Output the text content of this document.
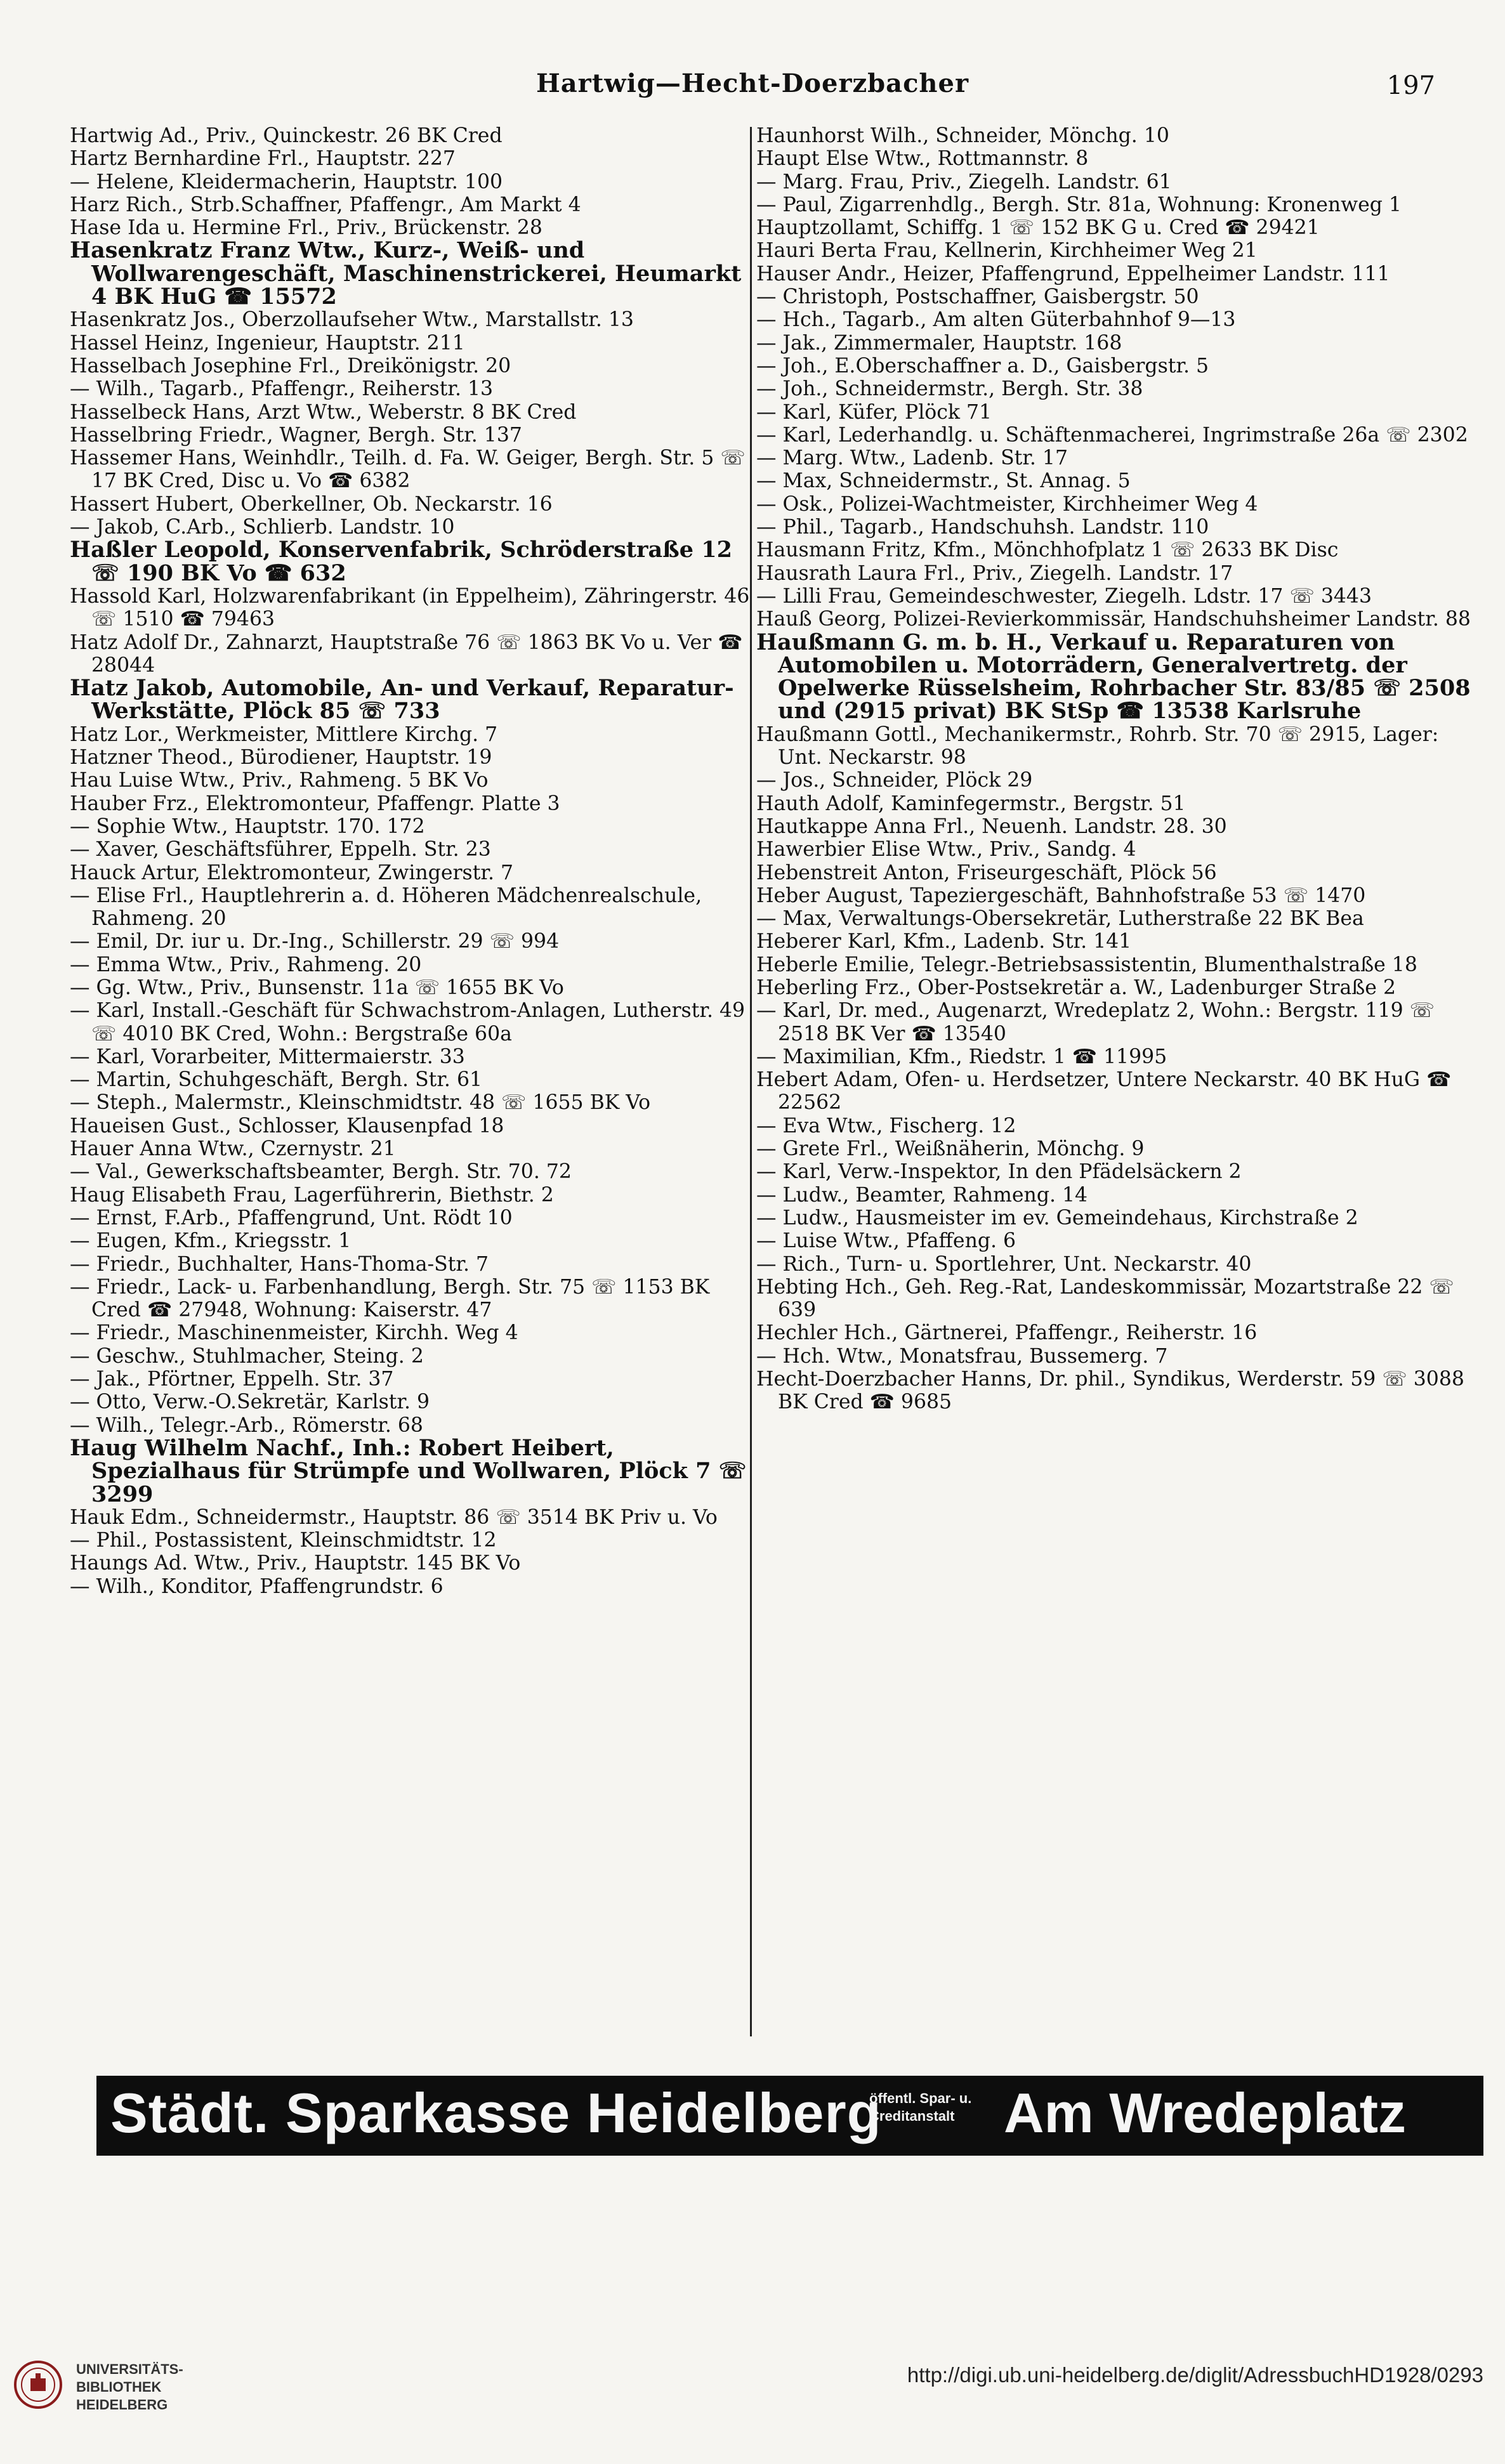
Hartwig—Hecht-Doerzbacher	197
Hartwig Ad., Priv., Quinckestr. 26 BK Cred
Hartz Bernhardine Frl., Hauptstr. 227
— Helene, Kleidermacherin, Hauptstr. 100
Harz Rich., Strb.Schaffner, Pfaffengr., Am Markt 4
Hase Ida u. Hermine Frl., Priv., Brückenstr. 28
Hasenkratz Franz Wtw., Kurz-, Weiß- und Wollwarengeschäft, Maschinenstrickerei, Heumarkt 4 BK HuG ☎ 15572
Hasenkratz Jos., Oberzollaufseher Wtw., Marstallstr. 13
Hassel Heinz, Ingenieur, Hauptstr. 211
Hasselbach Josephine Frl., Dreikönigstr. 20
— Wilh., Tagarb., Pfaffengr., Reiherstr. 13
Hasselbeck Hans, Arzt Wtw., Weberstr. 8 BK Cred
Hasselbring Friedr., Wagner, Bergh. Str. 137
Hassemer Hans, Weinhdlr., Teilh. d. Fa. W. Geiger, Bergh. Str. 5 ☏ 17 BK Cred, Disc u. Vo ☎ 6382
Hassert Hubert, Oberkellner, Ob. Neckarstr. 16
— Jakob, C.Arb., Schlierb. Landstr. 10
Haßler Leopold, Konservenfabrik, Schröderstraße 12 ☏ 190 BK Vo ☎ 632
Hassold Karl, Holzwarenfabrikant (in Eppelheim), Zähringerstr. 46 ☏ 1510 ☎ 79463
Hatz Adolf Dr., Zahnarzt, Hauptstraße 76 ☏ 1863 BK Vo u. Ver ☎ 28044
Hatz Jakob, Automobile, An- und Verkauf, Reparatur-Werkstätte, Plöck 85 ☏ 733
Hatz Lor., Werkmeister, Mittlere Kirchg. 7
Hatzner Theod., Bürodiener, Hauptstr. 19
Hau Luise Wtw., Priv., Rahmeng. 5 BK Vo
Hauber Frz., Elektromonteur, Pfaffengr. Platte 3
— Sophie Wtw., Hauptstr. 170. 172
— Xaver, Geschäftsführer, Eppelh. Str. 23
Hauck Artur, Elektromonteur, Zwingerstr. 7
— Elise Frl., Hauptlehrerin a. d. Höheren Mädchenrealschule, Rahmeng. 20
— Emil, Dr. iur u. Dr.-Ing., Schillerstr. 29 ☏ 994
— Emma Wtw., Priv., Rahmeng. 20
— Gg. Wtw., Priv., Bunsenstr. 11a ☏ 1655 BK Vo
— Karl, Install.-Geschäft für Schwachstrom-Anlagen, Lutherstr. 49 ☏ 4010 BK Cred, Wohn.: Bergstraße 60a
— Karl, Vorarbeiter, Mittermaierstr. 33
— Martin, Schuhgeschäft, Bergh. Str. 61
— Steph., Malermstr., Kleinschmidtstr. 48 ☏ 1655 BK Vo
Haueisen Gust., Schlosser, Klausenpfad 18
Hauer Anna Wtw., Czernystr. 21
— Val., Gewerkschaftsbeamter, Bergh. Str. 70. 72
Haug Elisabeth Frau, Lagerführerin, Biethstr. 2
— Ernst, F.Arb., Pfaffengrund, Unt. Rödt 10
— Eugen, Kfm., Kriegsstr. 1
— Friedr., Buchhalter, Hans-Thoma-Str. 7
— Friedr., Lack- u. Farbenhandlung, Bergh. Str. 75 ☏ 1153 BK Cred ☎ 27948, Wohnung: Kaiserstr. 47
— Friedr., Maschinenmeister, Kirchh. Weg 4
— Geschw., Stuhlmacher, Steing. 2
— Jak., Pförtner, Eppelh. Str. 37
— Otto, Verw.-O.Sekretär, Karlstr. 9
— Wilh., Telegr.-Arb., Römerstr. 68
Haug Wilhelm Nachf., Inh.: Robert Heibert, Spezialhaus für Strümpfe und Wollwaren, Plöck 7 ☏ 3299
Hauk Edm., Schneidermstr., Hauptstr. 86 ☏ 3514 BK Priv u. Vo
— Phil., Postassistent, Kleinschmidtstr. 12
Haungs Ad. Wtw., Priv., Hauptstr. 145 BK Vo
— Wilh., Konditor, Pfaffengrundstr. 6
Haunhorst Wilh., Schneider, Mönchg. 10
Haupt Else Wtw., Rottmannstr. 8
— Marg. Frau, Priv., Ziegelh. Landstr. 61
— Paul, Zigarrenhdlg., Bergh. Str. 81a, Wohnung: Kronenweg 1
Hauptzollamt, Schiffg. 1 ☏ 152 BK G u. Cred ☎ 29421
Hauri Berta Frau, Kellnerin, Kirchheimer Weg 21
Hauser Andr., Heizer, Pfaffengrund, Eppelheimer Landstr. 111
— Christoph, Postschaffner, Gaisbergstr. 50
— Hch., Tagarb., Am alten Güterbahnhof 9—13
— Jak., Zimmermaler, Hauptstr. 168
— Joh., E.Oberschaffner a. D., Gaisbergstr. 5
— Joh., Schneidermstr., Bergh. Str. 38
— Karl, Küfer, Plöck 71
— Karl, Lederhandlg. u. Schäftenmacherei, Ingrimstraße 26a ☏ 2302
— Marg. Wtw., Ladenb. Str. 17
— Max, Schneidermstr., St. Annag. 5
— Osk., Polizei-Wachtmeister, Kirchheimer Weg 4
— Phil., Tagarb., Handschuhsh. Landstr. 110
Hausmann Fritz, Kfm., Mönchhofplatz 1 ☏ 2633 BK Disc
Hausrath Laura Frl., Priv., Ziegelh. Landstr. 17
— Lilli Frau, Gemeindeschwester, Ziegelh. Ldstr. 17 ☏ 3443
Hauß Georg, Polizei-Revierkommissär, Handschuhsheimer Landstr. 88
Haußmann G. m. b. H., Verkauf u. Reparaturen von Automobilen u. Motorrädern, Generalvertretg. der Opelwerke Rüsselsheim, Rohrbacher Str. 83/85 ☏ 2508 und (2915 privat) BK StSp ☎ 13538 Karlsruhe
Haußmann Gottl., Mechanikermstr., Rohrb. Str. 70 ☏ 2915, Lager: Unt. Neckarstr. 98
— Jos., Schneider, Plöck 29
Hauth Adolf, Kaminfegermstr., Bergstr. 51
Hautkappe Anna Frl., Neuenh. Landstr. 28. 30
Hawerbier Elise Wtw., Priv., Sandg. 4
Hebenstreit Anton, Friseurgeschäft, Plöck 56
Heber August, Tapeziergeschäft, Bahnhofstraße 53 ☏ 1470
— Max, Verwaltungs-Obersekretär, Lutherstraße 22 BK Bea
Heberer Karl, Kfm., Ladenb. Str. 141
Heberle Emilie, Telegr.-Betriebsassistentin, Blumenthalstraße 18
Heberling Frz., Ober-Postsekretär a. W., Ladenburger Straße 2
— Karl, Dr. med., Augenarzt, Wredeplatz 2, Wohn.: Bergstr. 119 ☏ 2518 BK Ver ☎ 13540
— Maximilian, Kfm., Riedstr. 1 ☎ 11995
Hebert Adam, Ofen- u. Herdsetzer, Untere Neckarstr. 40 BK HuG ☎ 22562
— Eva Wtw., Fischerg. 12
— Grete Frl., Weißnäherin, Mönchg. 9
— Karl, Verw.-Inspektor, In den Pfädelsäckern 2
— Ludw., Beamter, Rahmeng. 14
— Ludw., Hausmeister im ev. Gemeindehaus, Kirchstraße 2
— Luise Wtw., Pfaffeng. 6
— Rich., Turn- u. Sportlehrer, Unt. Neckarstr. 40
Hebting Hch., Geh. Reg.-Rat, Landeskommissär, Mozartstraße 22 ☏ 639
Hechler Hch., Gärtnerei, Pfaffengr., Reiherstr. 16
— Hch. Wtw., Monatsfrau, Bussemerg. 7
Hecht-Doerzbacher Hanns, Dr. phil., Syndikus, Werderstr. 59 ☏ 3088 BK Cred ☎ 9685
Städt. Sparkasse Heidelberg
öffentl. Spar- u. Creditanstalt Am Wredeplatz
UNIVERSITÄTS-
BIBLIOTHEK
HEIDELBERG
http://digi.ub.uni-heidelberg.de/diglit/AdressbuchHD1928/0293
